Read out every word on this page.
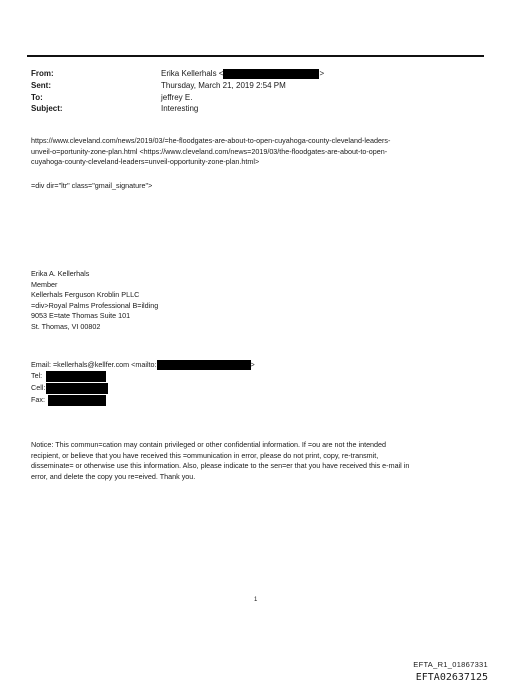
From:	Erika Kellerhals <	>
Sent:	Thursday, March 21, 2019 2:54 PM
To:	jeffrey E.
Subject:	Interesting
https://www.cleveland.com/news/2019/03/=he-floodgates-are-about-to-open-cuyahoga-county-cleveland-leaders-
unveil-o=portunity-zone-plan.html <https://www.cleveland.com/news=2019/03/the-floodgates-are-about-to-open-
cuyahoga-county-cleveland-leaders=unveil-opportunity-zone-plan.html>
=div dir="ltr" class="gmail_signature">
Erika A. Kellerhals
Member
Kellerhals Ferguson Kroblin PLLC
=div>Royal Palms Professional B=ilding
9053 E=tate Thomas Suite 101
St. Thomas, VI 00802
Email: =kellerhals@kellfer.com <mailto:	>
Tel:
Cell:
Fax:
Notice: This commun=cation may contain privileged or other confidential information. If =ou are not the intended
recipient, or believe that you have received this =ommunication in error, please do not print, copy, re-transmit,
disseminate= or otherwise use this information. Also, please indicate to the sen=er that you have received this e-mail in
error, and delete the copy you re=eived. Thank you.
1
EFTA_R1_01867331
EFTA02637125
